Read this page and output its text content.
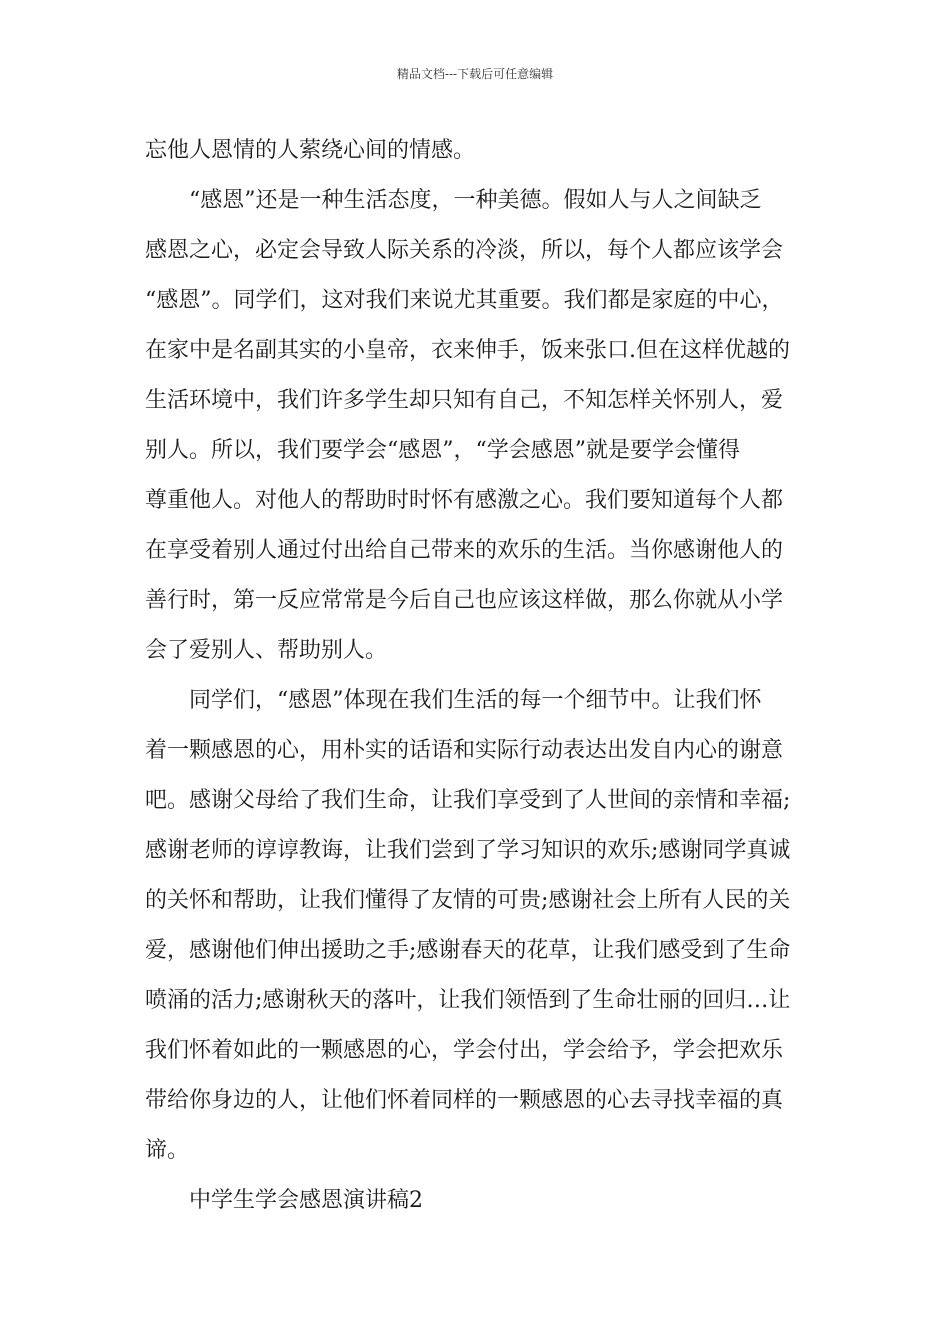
精品文档---下载后可任意编辑
忘他人恩情的人萦绕心间的情感。
“感恩”还是一种生活态度，一种美德。假如人与人之间缺乏
感恩之心，必定会导致人际关系的冷淡，所以，每个人都应该学会
“感恩”。同学们，这对我们来说尤其重要。我们都是家庭的中心，
在家中是名副其实的小皇帝，衣来伸手，饭来张口.但在这样优越的
生活环境中，我们许多学生却只知有自己，不知怎样关怀别人，爱
别人。所以，我们要学会“感恩”，“学会感恩”就是要学会懂得
尊重他人。对他人的帮助时时怀有感激之心。我们要知道每个人都
在享受着别人通过付出给自己带来的欢乐的生活。当你感谢他人的
善行时，第一反应常常是今后自己也应该这样做，那么你就从小学
会了爱别人、帮助别人。
同学们，“感恩”体现在我们生活的每一个细节中。让我们怀
着一颗感恩的心，用朴实的话语和实际行动表达出发自内心的谢意
吧。感谢父母给了我们生命，让我们享受到了人世间的亲情和幸福;
感谢老师的谆谆教诲，让我们尝到了学习知识的欢乐;感谢同学真诚
的关怀和帮助，让我们懂得了友情的可贵;感谢社会上所有人民的关
爱，感谢他们伸出援助之手;感谢春天的花草，让我们感受到了生命
喷涌的活力;感谢秋天的落叶，让我们领悟到了生命壮丽的回归…让
我们怀着如此的一颗感恩的心，学会付出，学会给予，学会把欢乐
带给你身边的人，让他们怀着同样的一颗感恩的心去寻找幸福的真
谛。
中学生学会感恩演讲稿2
